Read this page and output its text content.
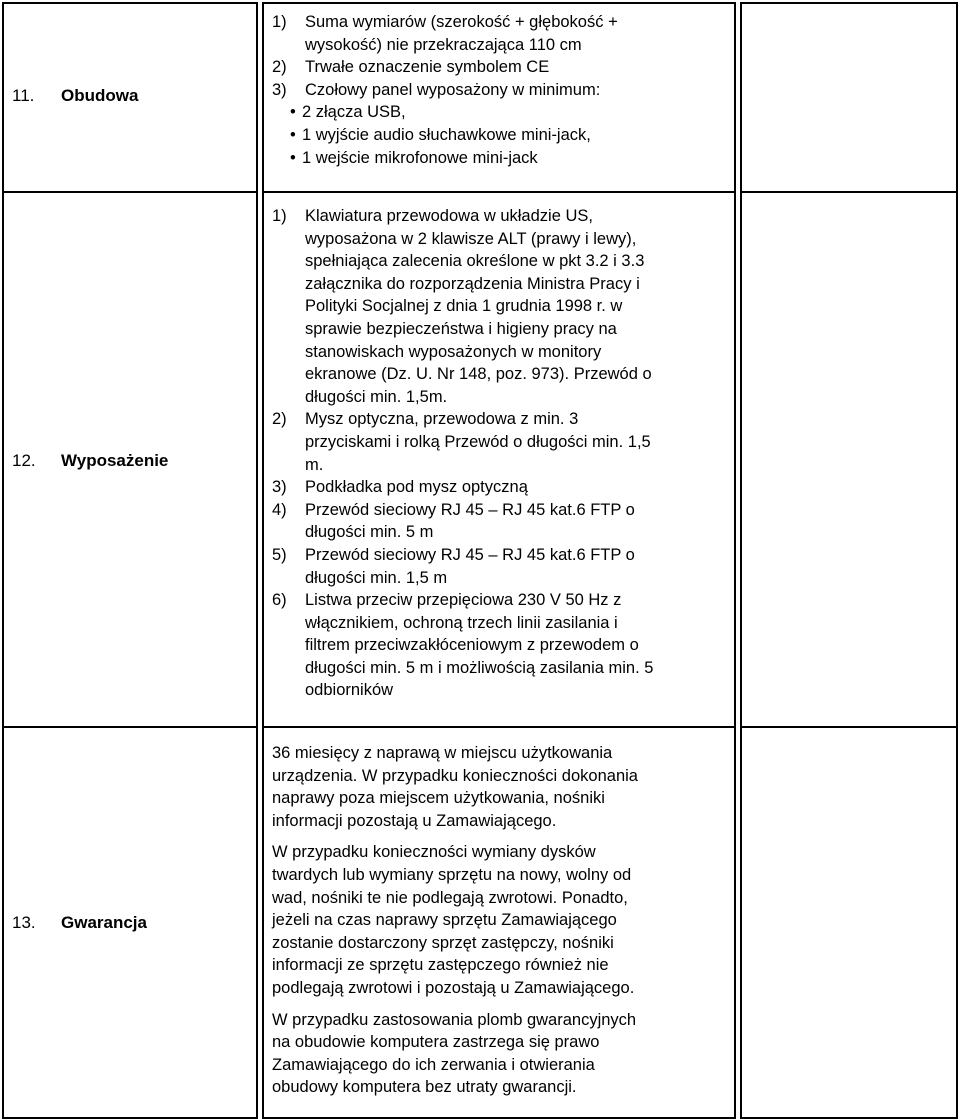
11. Obudowa
1)	Suma wymiarów (szerokość + głębokość +
wysokość) nie przekraczająca 110 cm
2)	Trwałe oznaczenie symbolem CE
3)	Czołowy panel wyposażony w minimum:
• 2 złącza USB,
• 1 wyjście audio słuchawkowe mini-jack,
• 1 wejście mikrofonowe mini-jack
12. Wyposażenie
1)	Klawiatura przewodowa w układzie US,
wyposażona w 2 klawisze ALT (prawy i lewy),
spełniająca zalecenia określone w pkt 3.2 i 3.3
załącznika do rozporządzenia Ministra Pracy i
Polityki Socjalnej z dnia 1 grudnia 1998 r. w
sprawie bezpieczeństwa i higieny pracy na
stanowiskach wyposażonych w monitory
ekranowe (Dz. U. Nr 148, poz. 973). Przewód o
długości min. 1,5m.
2)	Mysz optyczna, przewodowa z min. 3
przyciskami i rolką Przewód o długości min. 1,5
m.
3)	Podkładka pod mysz optyczną
4)	Przewód sieciowy RJ 45 – RJ 45 kat.6 FTP o
długości min. 5 m
5)	Przewód sieciowy RJ 45 – RJ 45 kat.6 FTP o
długości min. 1,5 m
6)	Listwa przeciw przepięciowa 230 V 50 Hz z
włącznikiem, ochroną trzech linii zasilania i
filtrem przeciwzakłóceniowym z przewodem o
długości min. 5 m i możliwością zasilania min. 5
odbiorników
13. Gwarancja
36 miesięcy z naprawą w miejscu użytkowania
urządzenia. W przypadku konieczności dokonania
naprawy poza miejscem użytkowania, nośniki
informacji pozostają u Zamawiającego.
W przypadku konieczności wymiany dysków
twardych lub wymiany sprzętu na nowy, wolny od
wad, nośniki te nie podlegają zwrotowi. Ponadto,
jeżeli na czas naprawy sprzętu Zamawiającego
zostanie dostarczony sprzęt zastępczy, nośniki
informacji ze sprzętu zastępczego również nie
podlegają zwrotowi i pozostają u Zamawiającego.
W przypadku zastosowania plomb gwarancyjnych
na obudowie komputera zastrzega się prawo
Zamawiającego do ich zerwania i otwierania
obudowy komputera bez utraty gwarancji.
